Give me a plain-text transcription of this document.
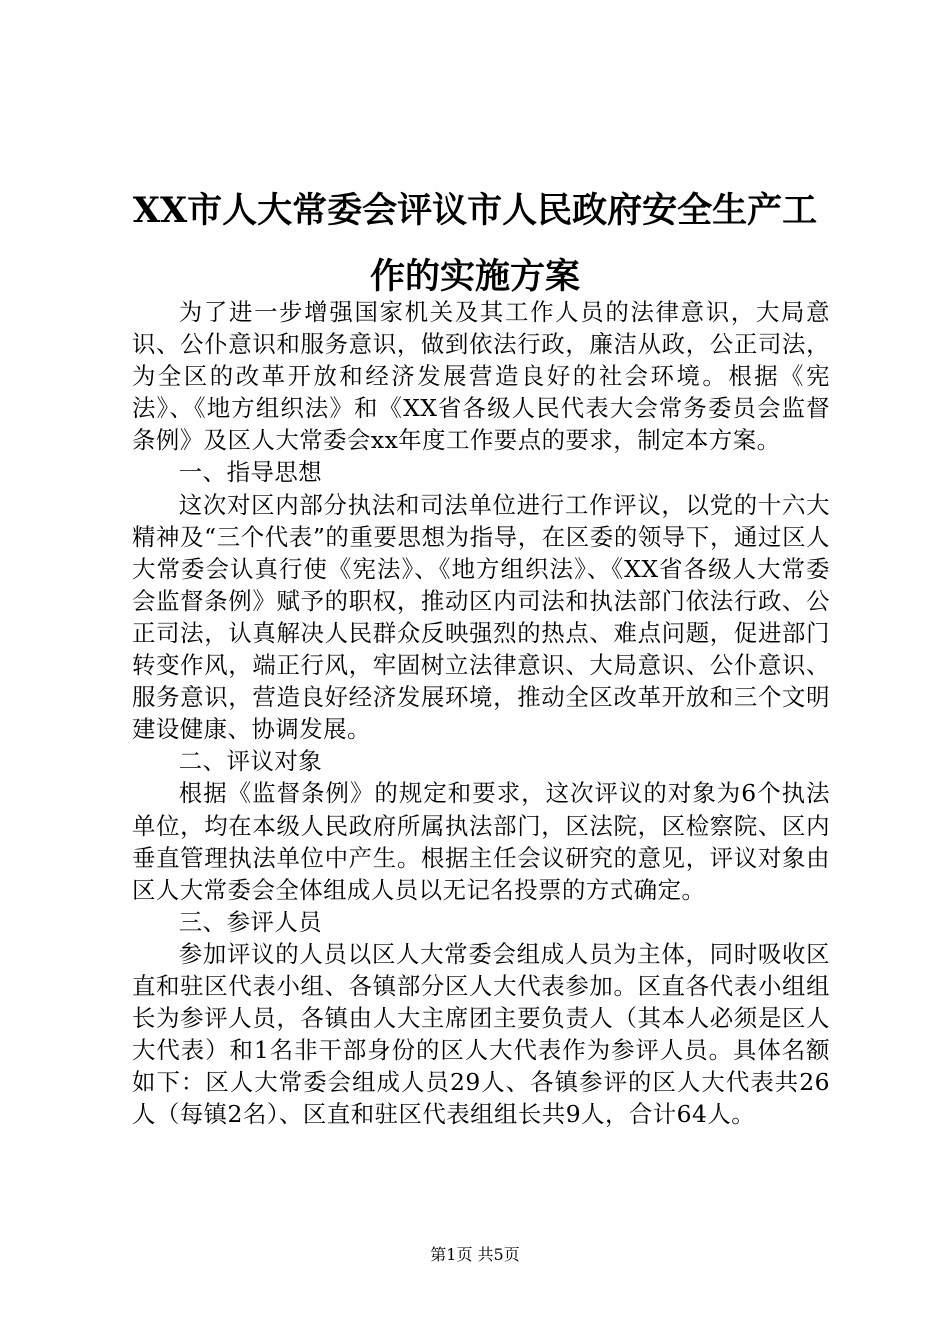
XX市人大常委会评议市人民政府安全生产工作的实施方案

为了进一步增强国家机关及其工作人员的法律意识，大局意识、公仆意识和服务意识，做到依法行政，廉洁从政，公正司法，为全区的改革开放和经济发展营造良好的社会环境。根据《宪法》、《地方组织法》和《XX省各级人民代表大会常务委员会监督条例》及区人大常委会xx年度工作要点的要求，制定本方案。

一、指导思想

这次对区内部分执法和司法单位进行工作评议，以党的十六大精神及“三个代表”的重要思想为指导，在区委的领导下，通过区人大常委会认真行使《宪法》、《地方组织法》、《XX省各级人大常委会监督条例》赋予的职权，推动区内司法和执法部门依法行政、公正司法，认真解决人民群众反映强烈的热点、难点问题，促进部门转变作风，端正行风，牢固树立法律意识、大局意识、公仆意识、服务意识，营造良好经济发展环境，推动全区改革开放和三个文明建设健康、协调发展。

二、评议对象

根据《监督条例》的规定和要求，这次评议的对象为6个执法单位，均在本级人民政府所属执法部门，区法院，区检察院、区内垂直管理执法单位中产生。根据主任会议研究的意见，评议对象由区人大常委会全体组成人员以无记名投票的方式确定。

三、参评人员

参加评议的人员以区人大常委会组成人员为主体，同时吸收区直和驻区代表小组、各镇部分区人大代表参加。区直各代表小组组长为参评人员，各镇由人大主席团主要负责人（其本人必须是区人大代表）和1名非干部身份的区人大代表作为参评人员。具体名额如下：区人大常委会组成人员29人、各镇参评的区人大代表共26人（每镇2名）、区直和驻区代表组组长共9人，合计64人。

第1页 共5页
